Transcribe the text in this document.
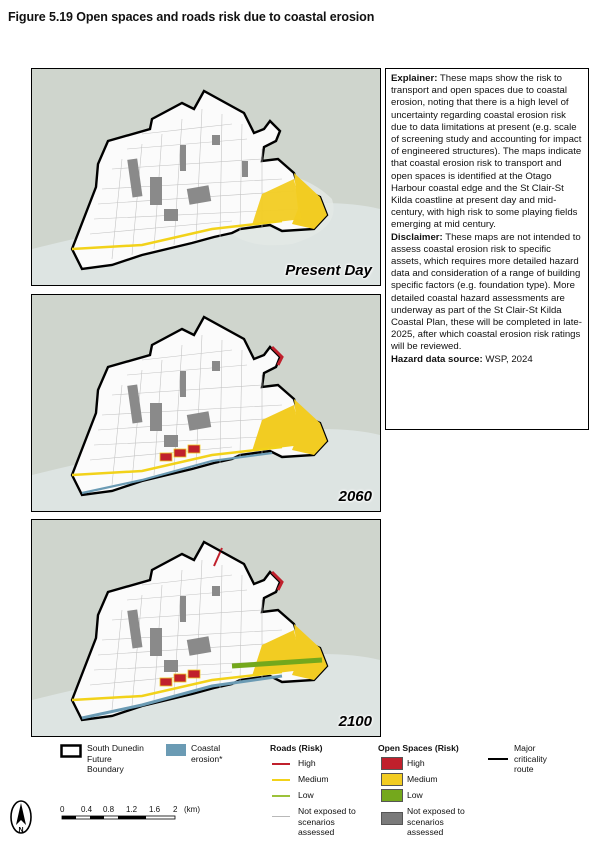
Figure 5.19 Open spaces and roads risk due to coastal erosion
Present Day
2060
2100

Explainer: These maps show the risk to transport and open spaces due to coastal erosion, noting that there is a high level of uncertainty regarding coastal erosion risk due to data limitations at present (e.g. scale of screening study and accounting for impact of engineered structures). The maps indicate that coastal erosion risk to transport and open spaces is identified at the Otago Harbour coastal edge and the St Clair-St Kilda coastline at present day and mid-century, with high risk to some playing fields emerging at mid century.

Disclaimer: These maps are not intended to assess coastal erosion risk to specific assets, which requires more detailed hazard data and consideration of a range of building specific factors (e.g. foundation type). More detailed coastal hazard assessments are underway as part of the St Clair-St Kilda Coastal Plan, these will be completed in late-2025, after which coastal erosion risk ratings will be reviewed.

Hazard data source: WSP, 2024

South Dunedin Future Boundary
Coastal erosion*
Roads (Risk)
High
Medium
Low
Not exposed to scenarios assessed
Open Spaces (Risk)
High
Medium
Low
Not exposed to scenarios assessed
Major criticality route
N
0 0.4 0.8 1.2 1.6 2 (km)
